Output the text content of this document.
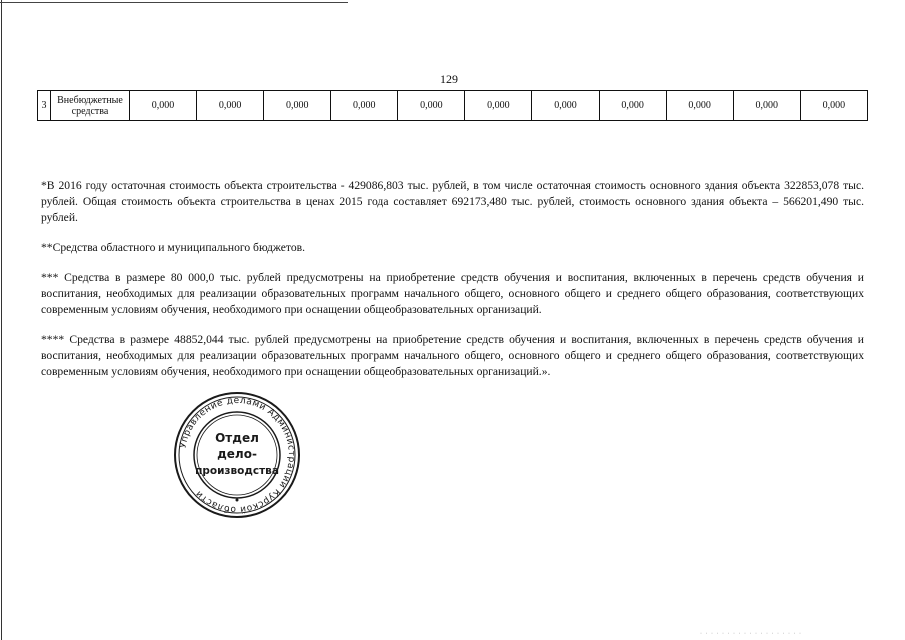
129
3	Внебюджетные средства	0,000	0,000	0,000	0,000	0,000	0,000	0,000	0,000	0,000	0,000	0,000

*В 2016 году остаточная стоимость объекта строительства - 429086,803 тыс. рублей, в том числе остаточная стоимость основного здания объекта 322853,078 тыс. рублей. Общая стоимость объекта строительства в ценах 2015 года составляет 692173,480 тыс. рублей, стоимость основного здания объекта – 566201,490 тыс. рублей.

**Средства областного и муниципального бюджетов.

*** Средства в размере 80 000,0 тыс. рублей предусмотрены на приобретение средств обучения и воспитания, включенных в перечень средств обучения и воспитания, необходимых для реализации образовательных программ начального общего, основного общего и среднего общего образования, соответствующих современным условиям обучения, необходимого при оснащении общеобразовательных организаций.

**** Средства в размере 48852,044 тыс. рублей предусмотрены на приобретение средств обучения и воспитания, включенных в перечень средств обучения и воспитания, необходимых для реализации образовательных программ начального общего, основного общего и среднего общего образования, соответствующих современным условиям обучения, необходимого при оснащении общеобразовательных организаций.».

Управление делами Администрации Курской области
Отдел
дело-
производства
· · · · · · · · · · · · · · · · · · ·
